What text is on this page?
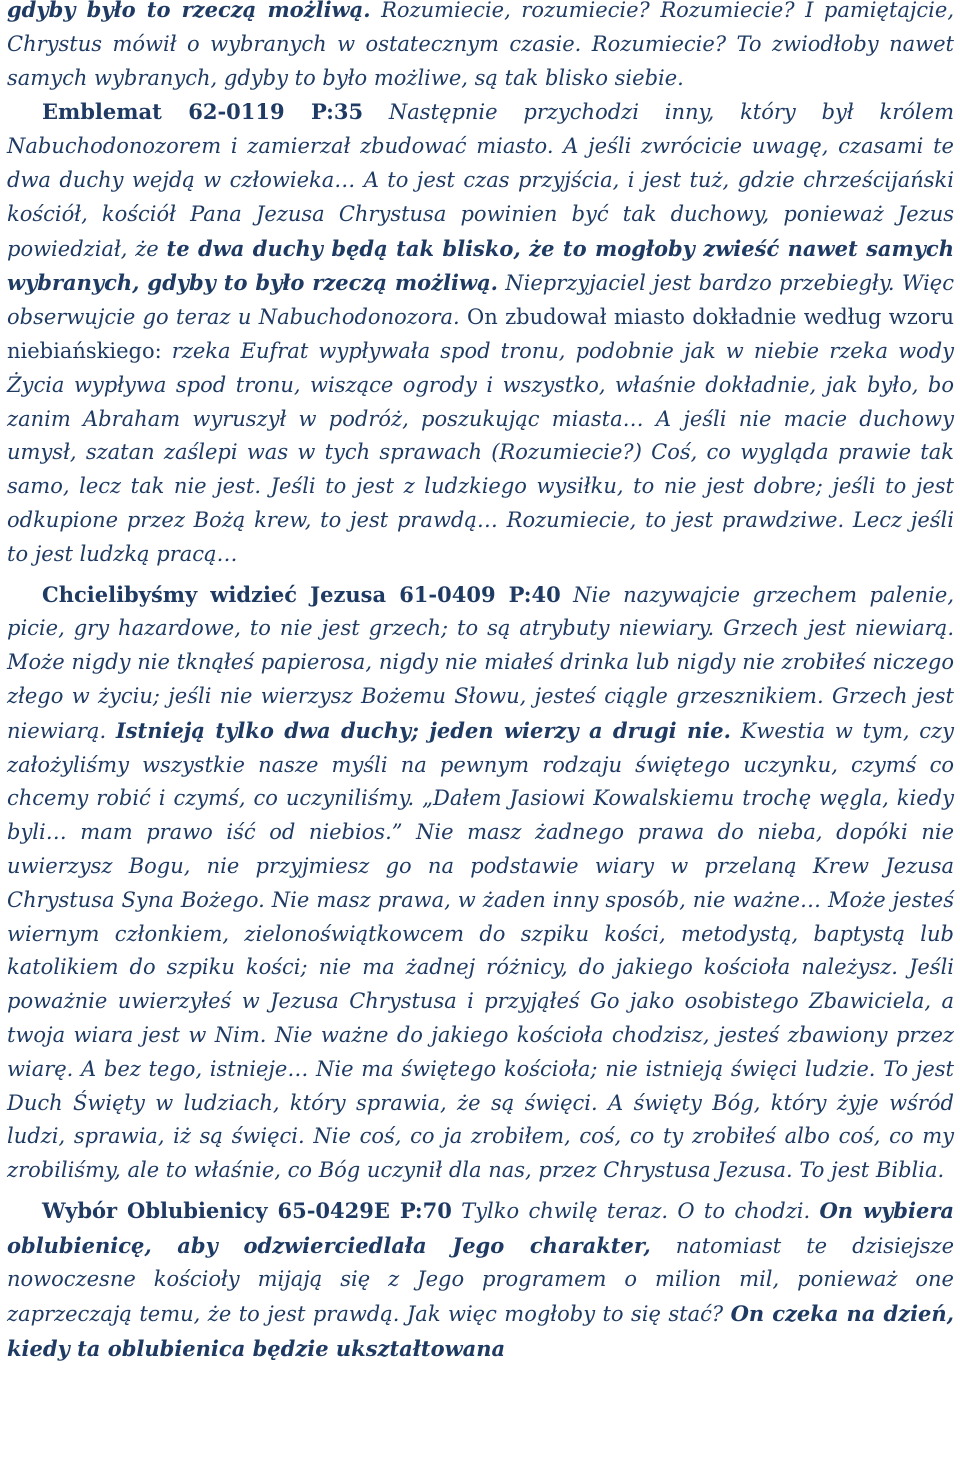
gdyby było to rzeczą możliwą. Rozumiecie, rozumiecie? Rozumiecie? I pamiętajcie, Chrystus mówił o wybranych w ostatecznym czasie. Rozumiecie? To zwiodłoby nawet samych wybranych, gdyby to było możliwe, są tak blisko siebie.

Emblemat 62-0119 P:35 Następnie przychodzi inny, który był królem Nabuchodonozorem i zamierzał zbudować miasto. A jeśli zwrócicie uwagę, czasami te dwa duchy wejdą w człowieka… A to jest czas przyjścia, i jest tuż, gdzie chrześcijański kościół, kościół Pana Jezusa Chrystusa powinien być tak duchowy, ponieważ Jezus powiedział, że te dwa duchy będą tak blisko, że to mogłoby zwieść nawet samych wybranych, gdyby to było rzeczą możliwą. Nieprzyjaciel jest bardzo przebiegły. Więc obserwujcie go teraz u Nabuchodonozora. On zbudował miasto dokładnie według wzoru niebiańskiego: rzeka Eufrat wypływała spod tronu, podobnie jak w niebie rzeka wody Życia wypływa spod tronu, wiszące ogrody i wszystko, właśnie dokładnie, jak było, bo zanim Abraham wyruszył w podróż, poszukując miasta… A jeśli nie macie duchowy umysł, szatan zaślepi was w tych sprawach (Rozumiecie?) Coś, co wygląda prawie tak samo, lecz tak nie jest. Jeśli to jest z ludzkiego wysiłku, to nie jest dobre; jeśli to jest odkupione przez Bożą krew, to jest prawdą… Rozumiecie, to jest prawdziwe. Lecz jeśli to jest ludzką pracą…

Chcielibyśmy widzieć Jezusa 61-0409 P:40 Nie nazywajcie grzechem palenie, picie, gry hazardowe, to nie jest grzech; to są atrybuty niewiary. Grzech jest niewiarą. Może nigdy nie tknąłeś papierosa, nigdy nie miałeś drinka lub nigdy nie zrobiłeś niczego złego w życiu; jeśli nie wierzysz Bożemu Słowu, jesteś ciągle grzesznikiem. Grzech jest niewiarą. Istnieją tylko dwa duchy; jeden wierzy a drugi nie. Kwestia w tym, czy założyliśmy wszystkie nasze myśli na pewnym rodzaju świętego uczynku, czymś co chcemy robić i czymś, co uczyniliśmy. „Dałem Jasiowi Kowalskiemu trochę węgla, kiedy byli… mam prawo iść od niebios.” Nie masz żadnego prawa do nieba, dopóki nie uwierzysz Bogu, nie przyjmiesz go na podstawie wiary w przelaną Krew Jezusa Chrystusa Syna Bożego. Nie masz prawa, w żaden inny sposób, nie ważne… Może jesteś wiernym członkiem, zielonoświątkowcem do szpiku kości, metodystą, baptystą lub katolikiem do szpiku kości; nie ma żadnej różnicy, do jakiego kościoła należysz. Jeśli poważnie uwierzyłeś w Jezusa Chrystusa i przyjąłeś Go jako osobistego Zbawiciela, a twoja wiara jest w Nim. Nie ważne do jakiego kościoła chodzisz, jesteś zbawiony przez wiarę. A bez tego, istnieje… Nie ma świętego kościoła; nie istnieją święci ludzie. To jest Duch Święty w ludziach, który sprawia, że są święci. A święty Bóg, który żyje wśród ludzi, sprawia, iż są święci. Nie coś, co ja zrobiłem, coś, co ty zrobiłeś albo coś, co my zrobiliśmy, ale to właśnie, co Bóg uczynił dla nas, przez Chrystusa Jezusa. To jest Biblia.

Wybór Oblubienicy 65-0429E P:70 Tylko chwilę teraz. O to chodzi. On wybiera oblubienicę, aby odzwierciedlała Jego charakter, natomiast te dzisiejsze nowoczesne kościoły mijają się z Jego programem o milion mil, ponieważ one zaprzeczają temu, że to jest prawdą. Jak więc mogłoby to się stać? On czeka na dzień, kiedy ta oblubienica będzie ukształtowana
